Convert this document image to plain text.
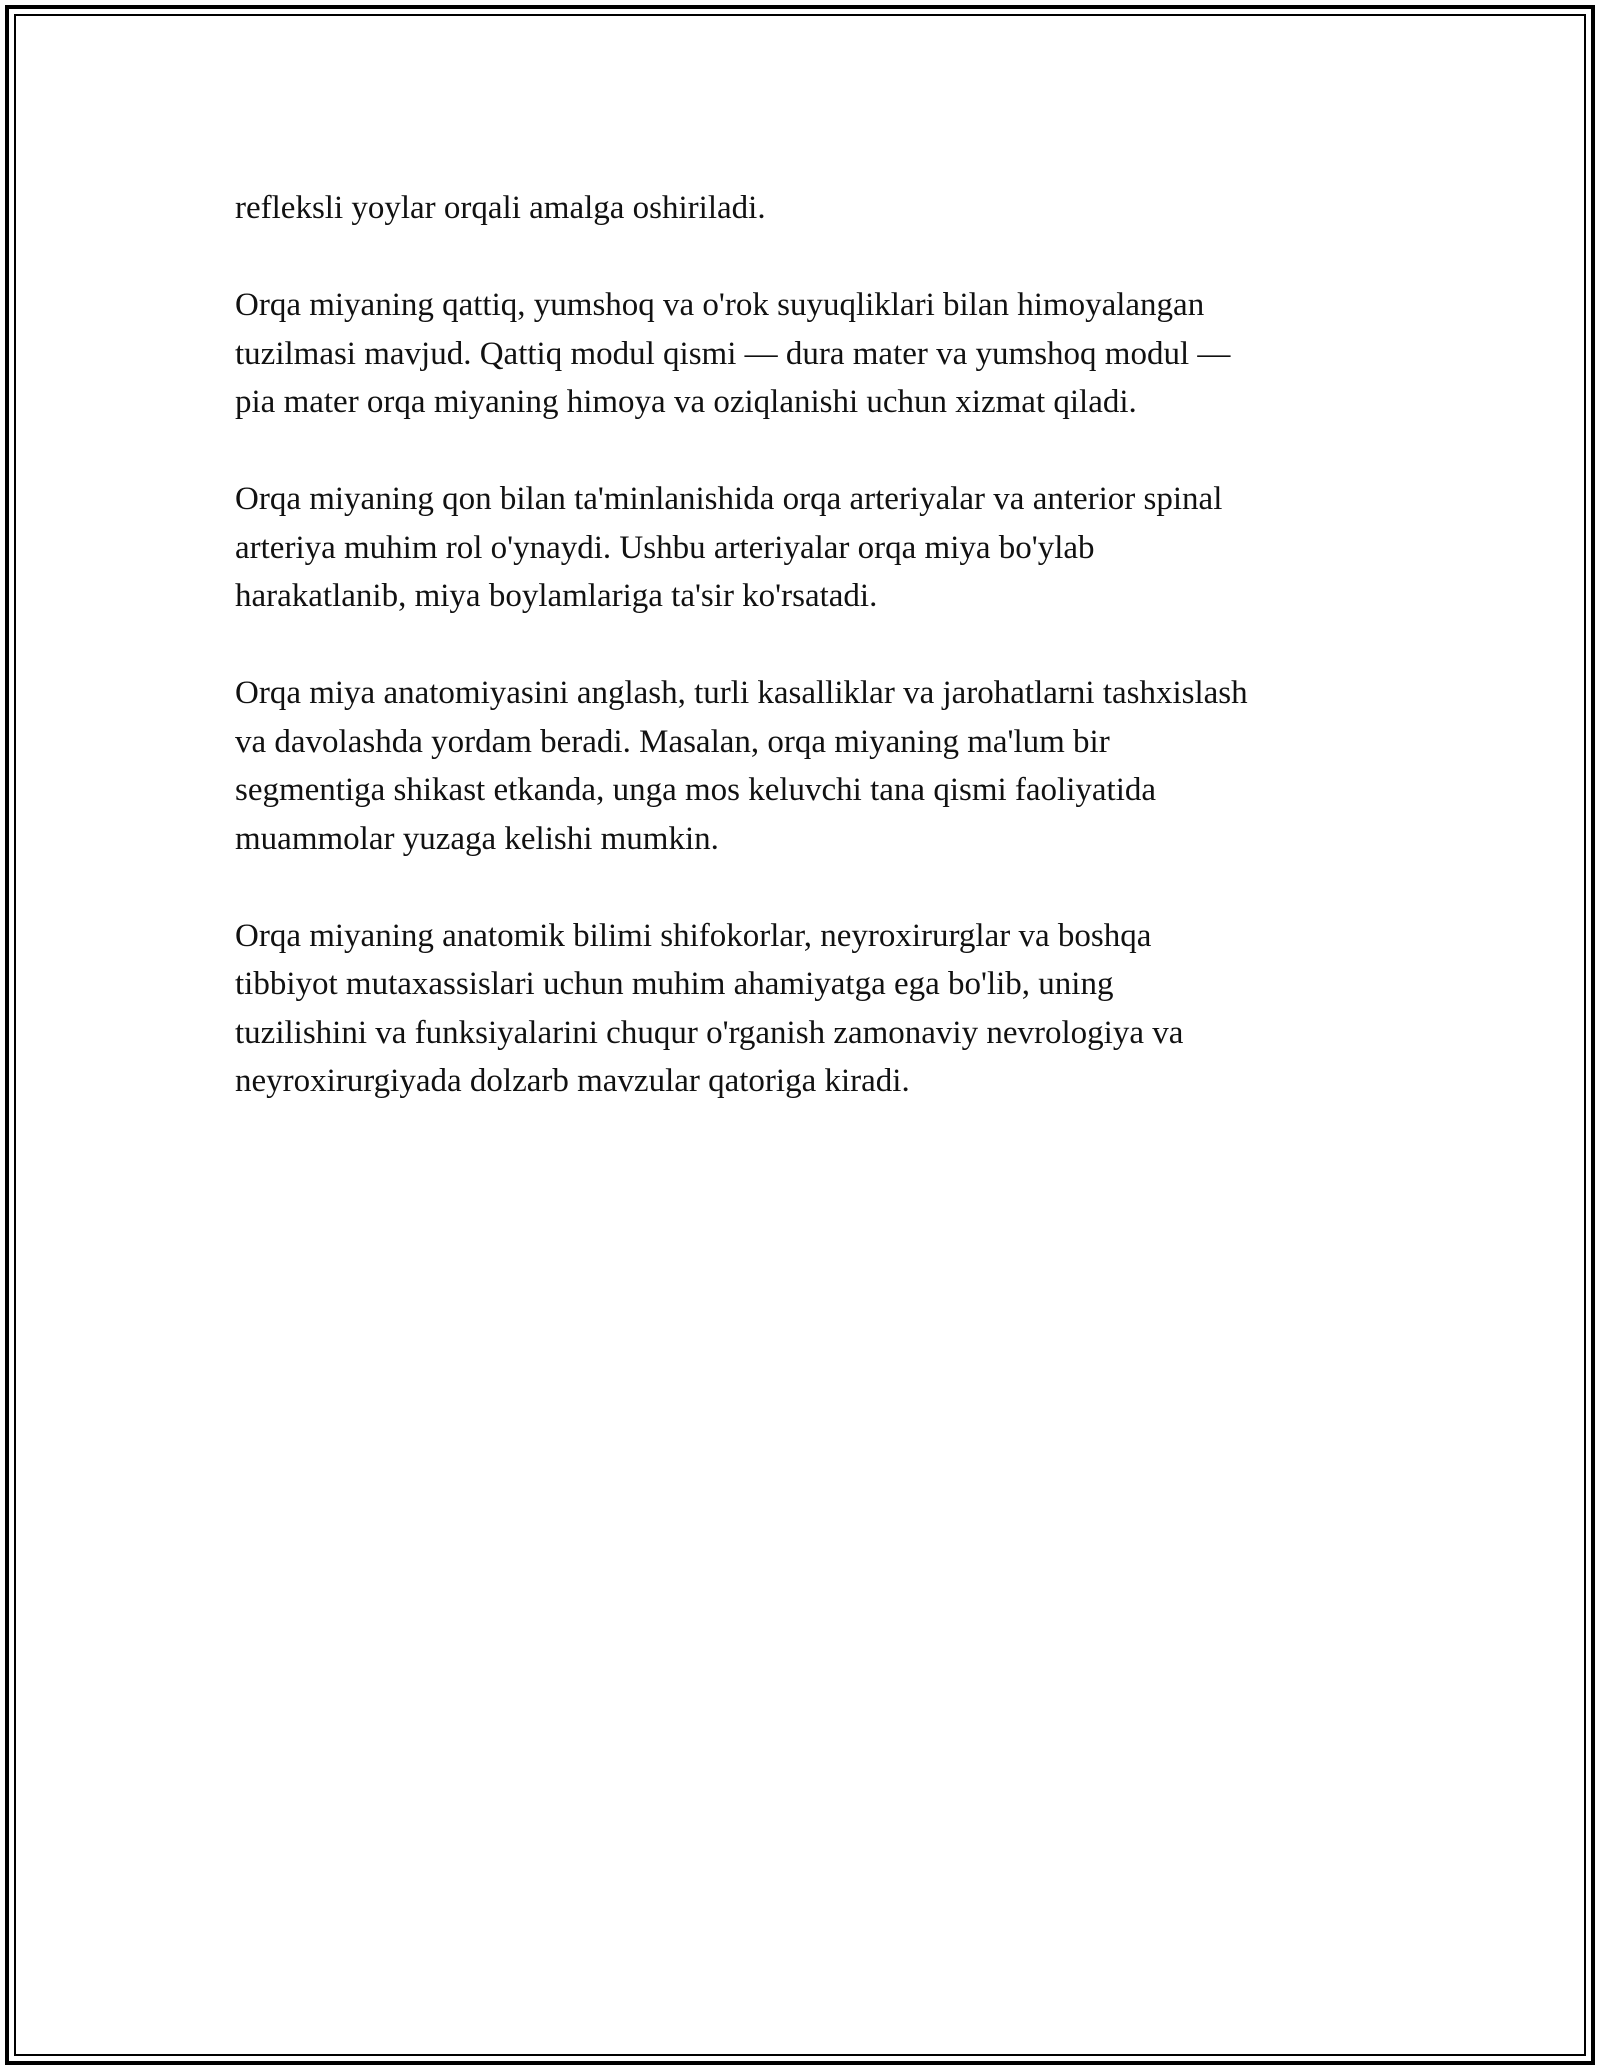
refleksli yoylar orqali amalga oshiriladi.

Orqa miyaning qattiq, yumshoq va o'rok suyuqliklari bilan himoyalangan
tuzilmasi mavjud. Qattiq modul qismi — dura mater va yumshoq modul —
pia mater orqa miyaning himoya va oziqlanishi uchun xizmat qiladi.

Orqa miyaning qon bilan ta'minlanishida orqa arteriyalar va anterior spinal
arteriya muhim rol o'ynaydi. Ushbu arteriyalar orqa miya bo'ylab
harakatlanib, miya boylamlariga ta'sir ko'rsatadi.

Orqa miya anatomiyasini anglash, turli kasalliklar va jarohatlarni tashxislash
va davolashda yordam beradi. Masalan, orqa miyaning ma'lum bir
segmentiga shikast etkanda, unga mos keluvchi tana qismi faoliyatida
muammolar yuzaga kelishi mumkin.

Orqa miyaning anatomik bilimi shifokorlar, neyroxirurglar va boshqa
tibbiyot mutaxassislari uchun muhim ahamiyatga ega bo'lib, uning
tuzilishini va funksiyalarini chuqur o'rganish zamonaviy nevrologiya va
neyroxirurgiyada dolzarb mavzular qatoriga kiradi.
